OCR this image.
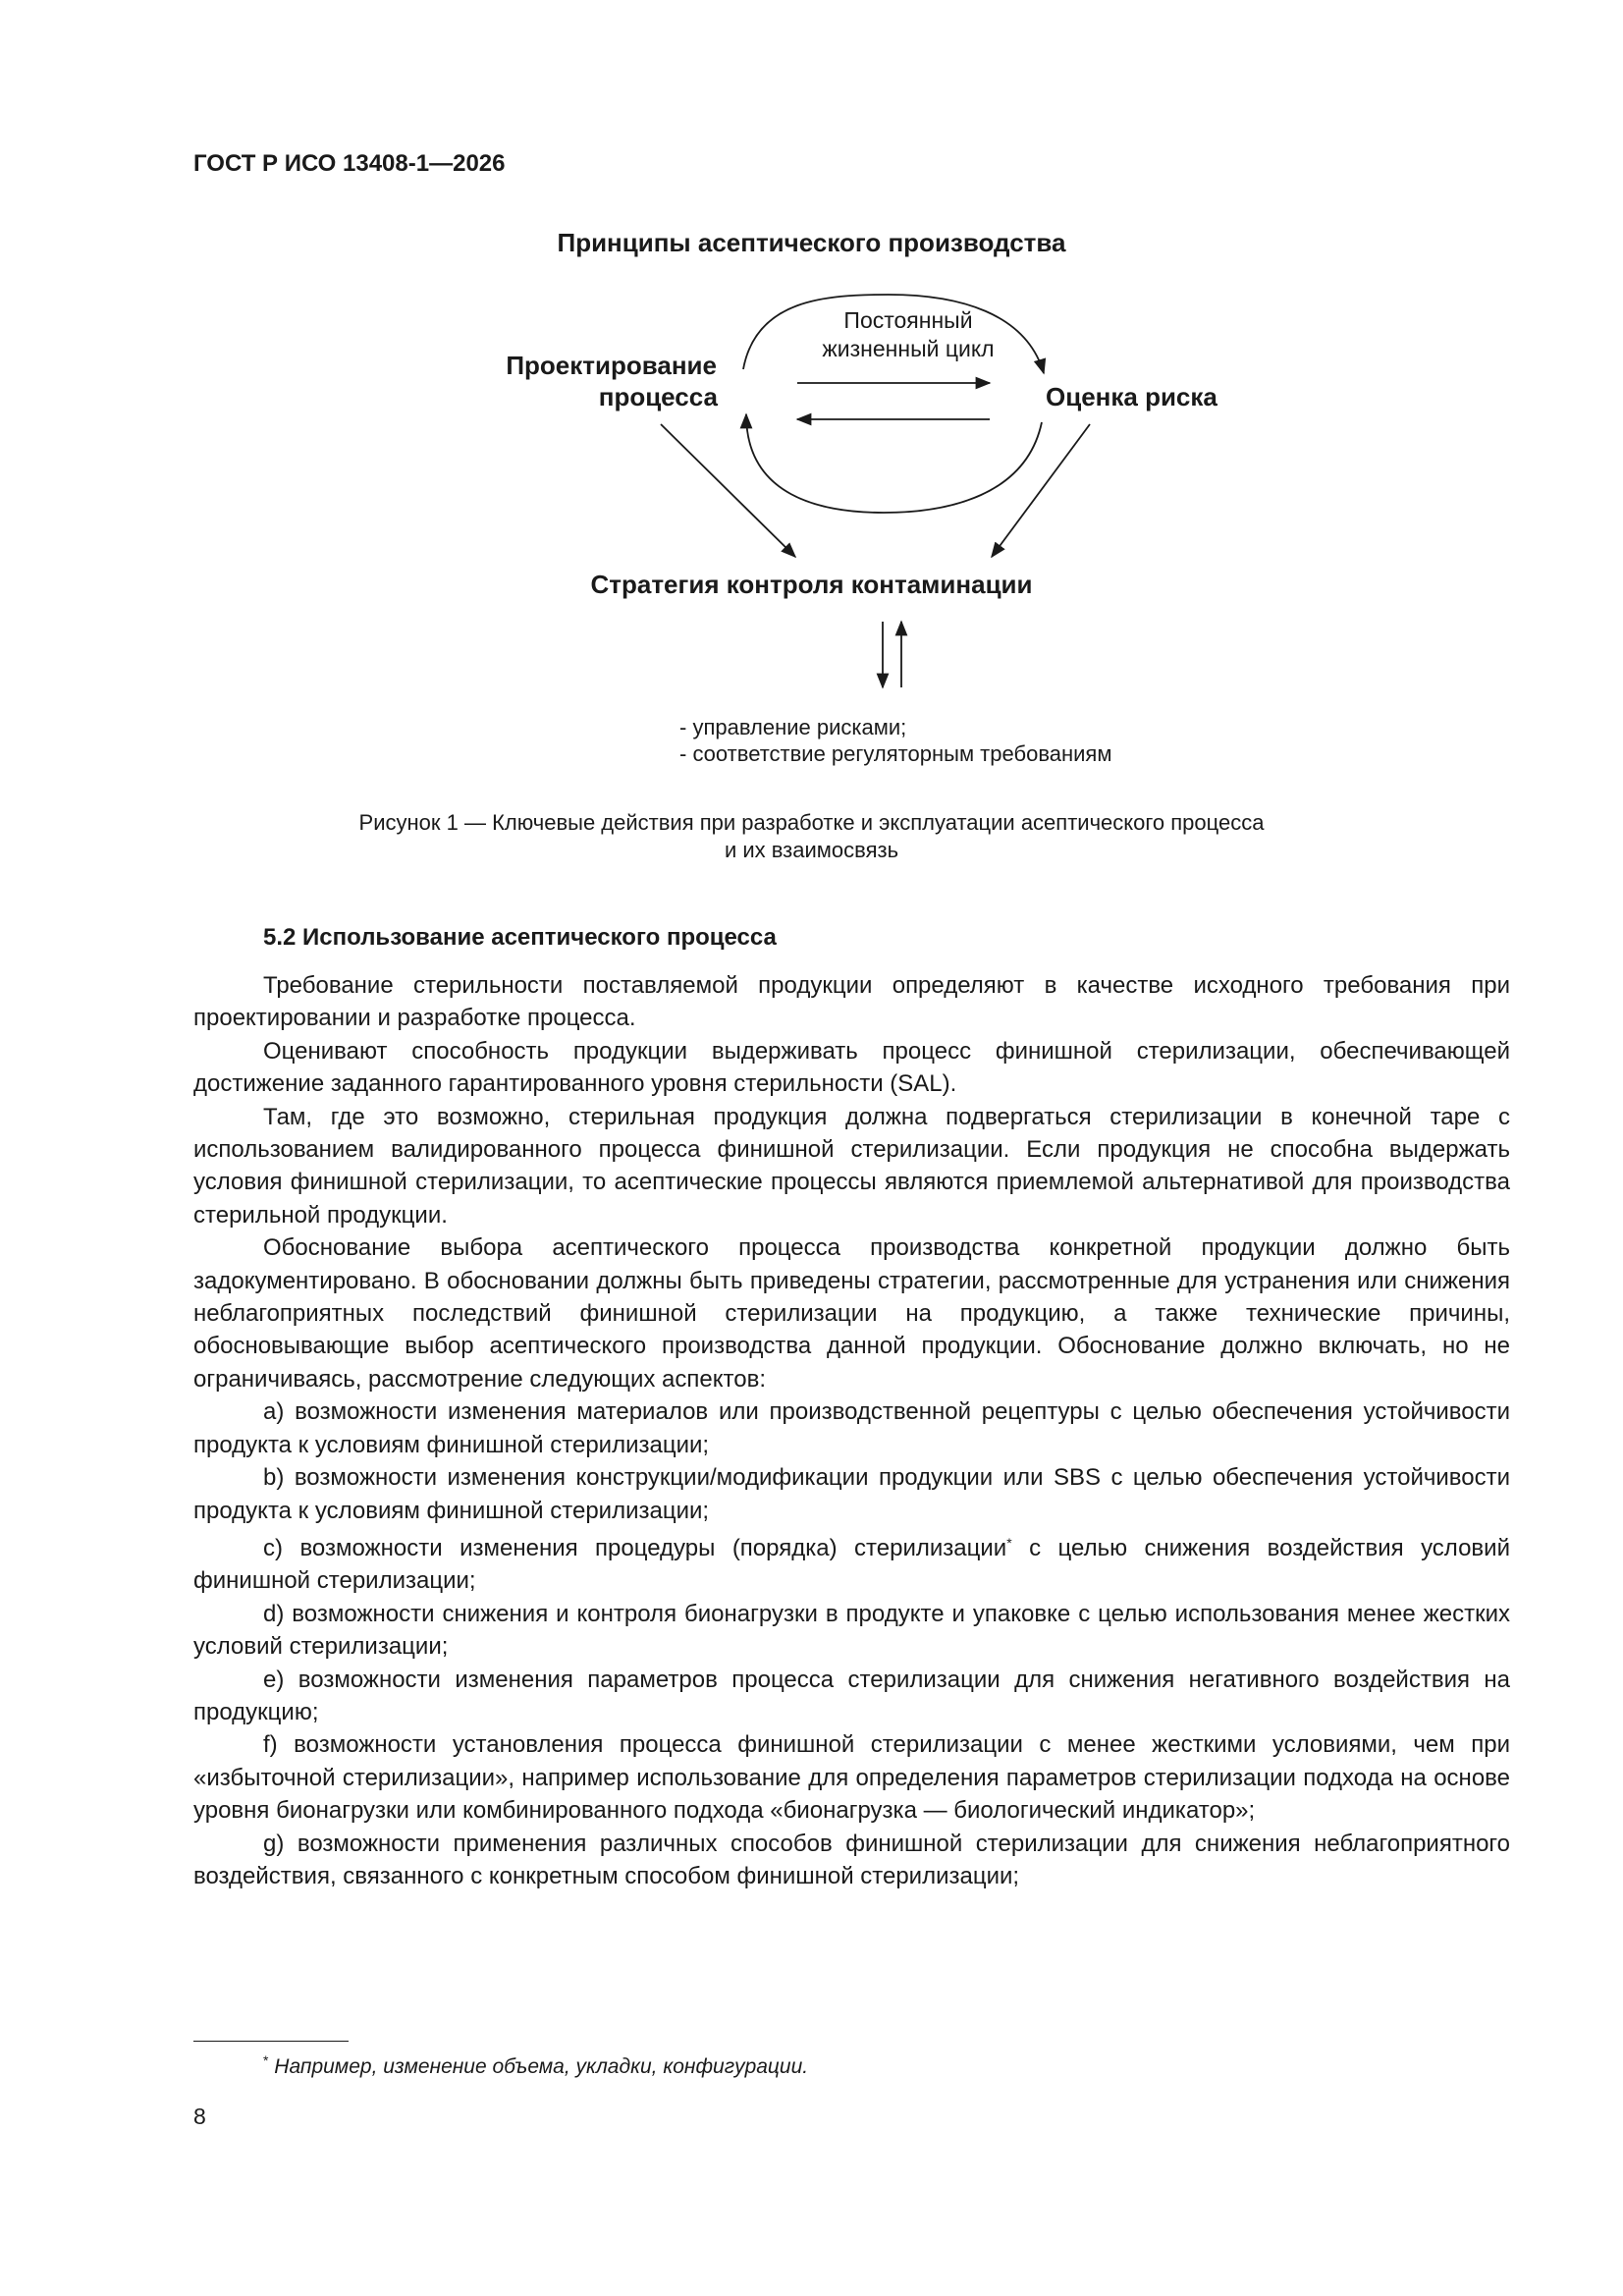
ГОСТ Р ИСО 13408-1—2026
Принципы асептического производства
Проектирование
процесса
Постоянный
жизненный цикл
Оценка риска
Стратегия контроля контаминации
- управление рисками;
- соответствие регуляторным требованиям
Рисунок 1 — Ключевые действия при разработке и эксплуатации асептического процесса
и их взаимосвязь
5.2 Использование асептического процесса

Требование стерильности поставляемой продукции определяют в качестве исходного требования при проектировании и разработке процесса.

Оценивают способность продукции выдерживать процесс финишной стерилизации, обеспечивающей достижение заданного гарантированного уровня стерильности (SAL).

Там, где это возможно, стерильная продукция должна подвергаться стерилизации в конечной таре с использованием валидированного процесса финишной стерилизации. Если продукция не способна выдержать условия финишной стерилизации, то асептические процессы являются приемлемой альтернативой для производства стерильной продукции.

Обоснование выбора асептического процесса производства конкретной продукции должно быть задокументировано. В обосновании должны быть приведены стратегии, рассмотренные для устранения или снижения неблагоприятных последствий финишной стерилизации на продукцию, а также технические причины, обосновывающие выбор асептического производства данной продукции. Обоснование должно включать, но не ограничиваясь, рассмотрение следующих аспектов:

a) возможности изменения материалов или производственной рецептуры с целью обеспечения устойчивости продукта к условиям финишной стерилизации;

b) возможности изменения конструкции/модификации продукции или SBS с целью обеспечения устойчивости продукта к условиям финишной стерилизации;

c) возможности изменения процедуры (порядка) стерилизации* с целью снижения воздействия условий финишной стерилизации;

d) возможности снижения и контроля бионагрузки в продукте и упаковке с целью использования менее жестких условий стерилизации;

e) возможности изменения параметров процесса стерилизации для снижения негативного воздействия на продукцию;

f) возможности установления процесса финишной стерилизации с менее жесткими условиями, чем при «избыточной стерилизации», например использование для определения параметров стерилизации подхода на основе уровня бионагрузки или комбинированного подхода «бионагрузка — биологический индикатор»;

g) возможности применения различных способов финишной стерилизации для снижения неблагоприятного воздействия, связанного с конкретным способом финишной стерилизации;

* Например, изменение объема, укладки, конфигурации.
8
